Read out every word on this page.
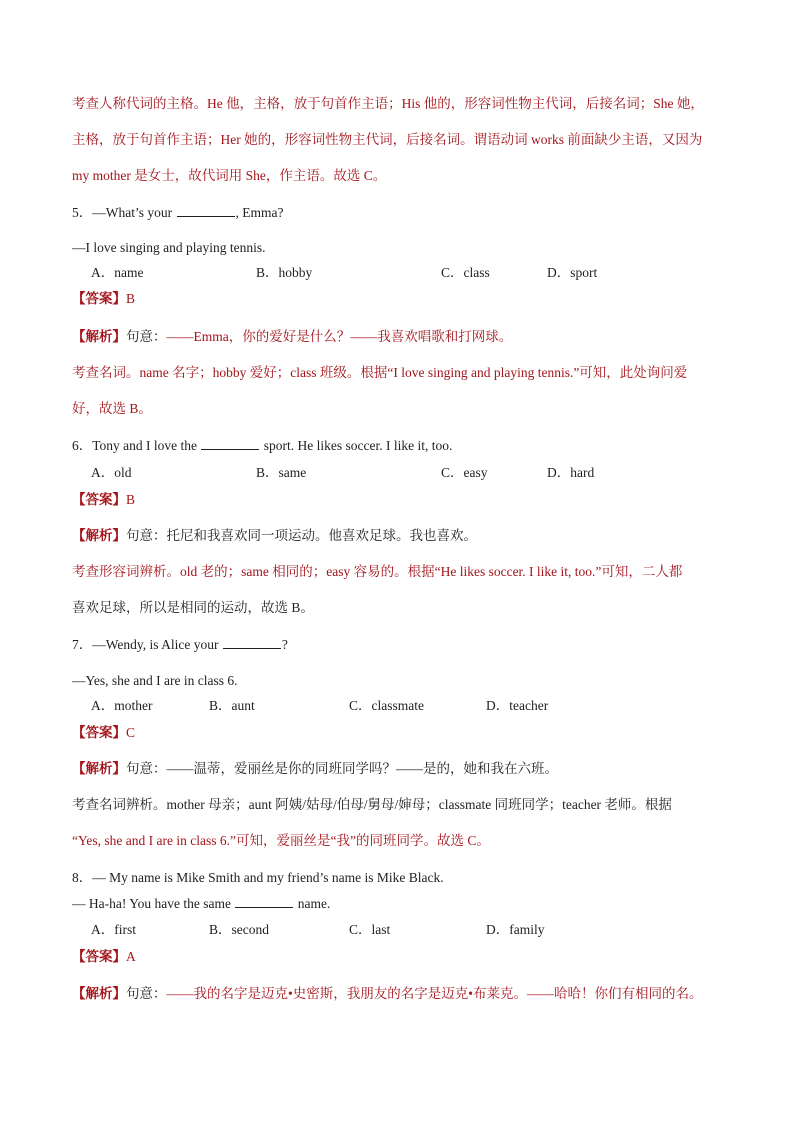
考查人称代词的主格。He 他，主格，放于句首作主语；His 他的，形容词性物主代词，后接名词；She 她，
主格，放于句首作主语；Her 她的，形容词性物主代词，后接名词。谓语动词 works 前面缺少主语，又因为
my mother 是女士，故代词用 She，作主语。故选 C。
5．—What’s your	, Emma?
—I love singing and playing tennis.
A．name	B．hobby	C．class	D．sport
【答案】B
【解析】句意：——Emma，你的爱好是什么？——我喜欢唱歌和打网球。
考查名词。name 名字；hobby 爱好；class 班级。根据“I love singing and playing tennis.”可知，此处询问爱
好，故选 B。
6．Tony and I love the	sport. He likes soccer. I like it, too.
A．old	B．same	C．easy	D．hard
【答案】B
【解析】句意：托尼和我喜欢同一项运动。他喜欢足球。我也喜欢。
考查形容词辨析。old 老的；same 相同的；easy 容易的。根据“He likes soccer. I like it, too.”可知，二人都
喜欢足球，所以是相同的运动，故选 B。
7．—Wendy, is Alice your	?
—Yes, she and I are in class 6.
A．mother	B．aunt	C．classmate	D．teacher
【答案】C
【解析】句意：——温蒂，爱丽丝是你的同班同学吗？——是的，她和我在六班。
考查名词辨析。mother 母亲；aunt 阿姨/姑母/伯母/舅母/婶母；classmate 同班同学；teacher 老师。根据
“Yes, she and I are in class 6.”可知，爱丽丝是“我”的同班同学。故选 C。
8．— My name is Mike Smith and my friend’s name is Mike Black.
— Ha-ha! You have the same	name.
A．first	B．second	C．last	D．family
【答案】A
【解析】句意：——我的名字是迈克•史密斯，我朋友的名字是迈克•布莱克。——哈哈！你们有相同的名。
